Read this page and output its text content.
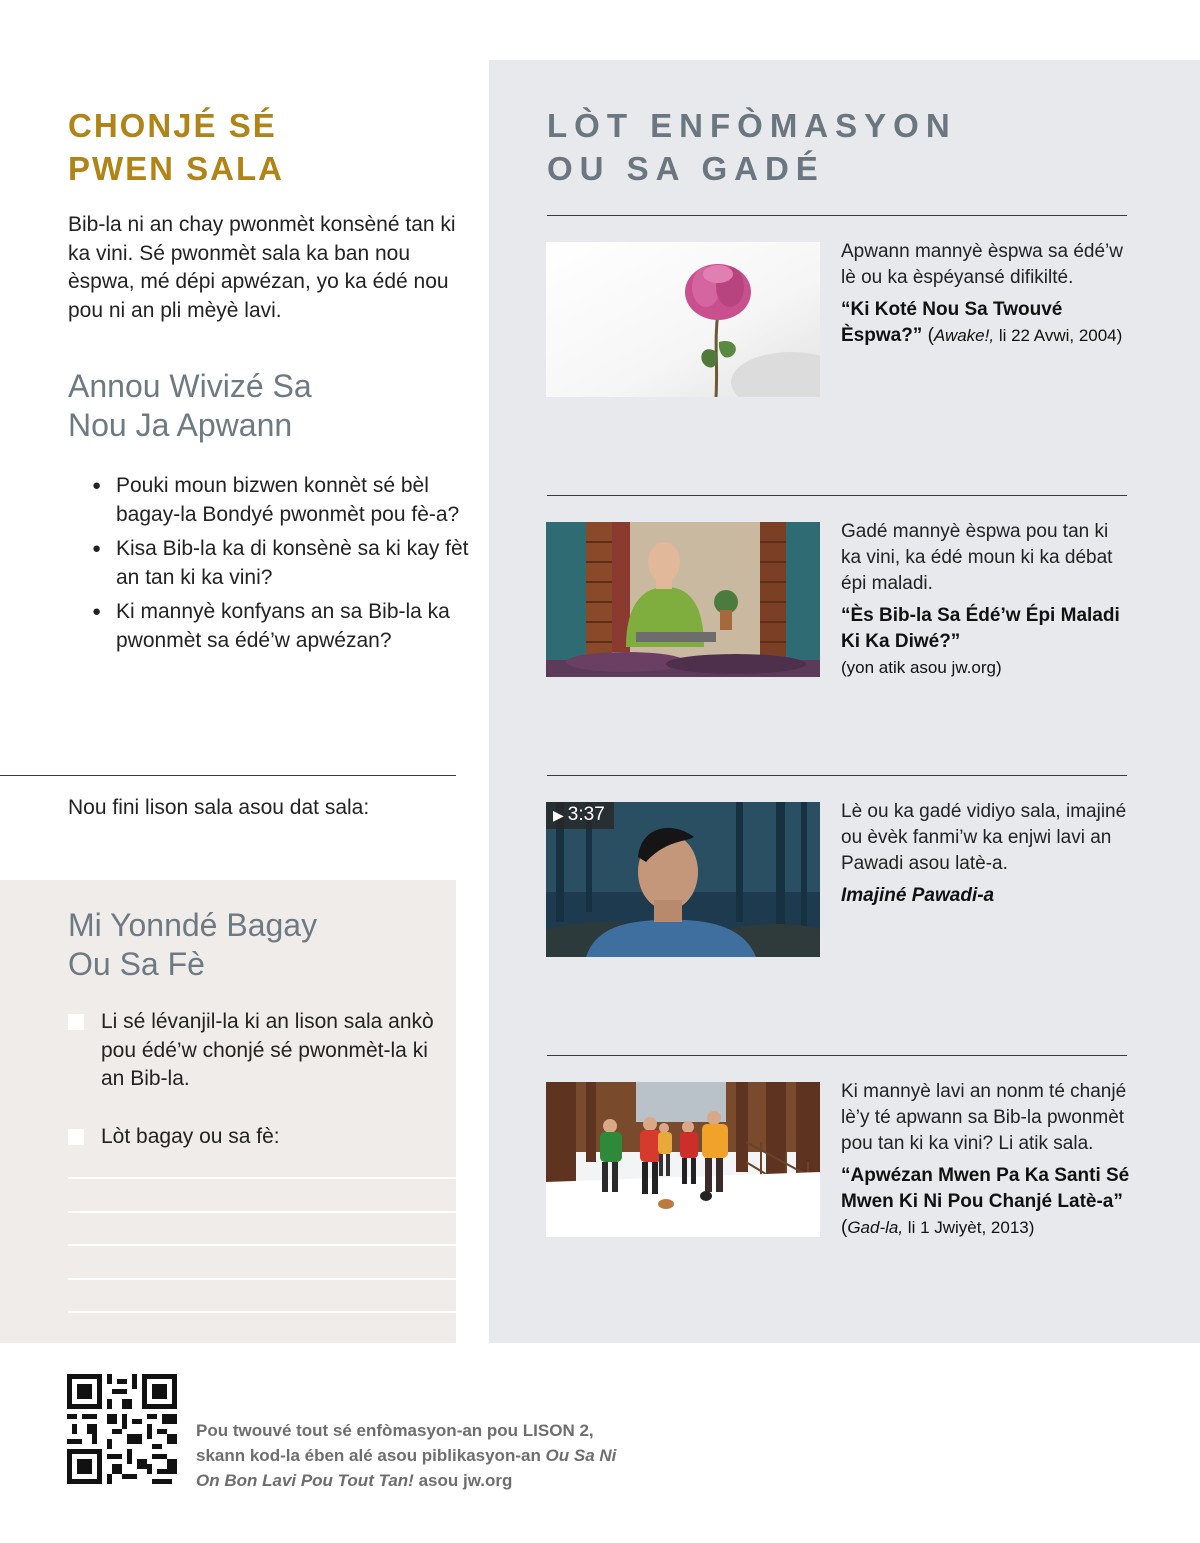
CHONJÉ SÉ
PWEN SALA

Bib-la ni an chay pwonmèt konsèné tan ki ka vini. Sé pwonmèt sala ka ban nou èspwa, mé dépi apwézan, yo ka édé nou pou ni an pli mèyè lavi.

Annou Wivizé Sa
Nou Ja Apwann
● Pouki moun bizwen konnèt sé bèl bagay-la Bondyé pwonmèt pou fè-a?
● Kisa Bib-la ka di konsènè sa ki kay fèt an tan ki ka vini?
● Ki mannyè konfyans an sa Bib-la ka pwonmèt sa édé’w apwézan?

Nou fini lison sala asou dat sala:

Mi Yonndé Bagay
Ou Sa Fè
Li sé lévanjil-la ki an lison sala ankò pou édé’w chonjé sé pwonmèt-la ki an Bib-la.
Lòt bagay ou sa fè:
LÒT ENFÒMASYON
OU SA GADÉ

Apwann mannyè èspwa sa édé’w lè ou ka èspéyansé difikilté.

“Ki Koté Nou Sa Twouvé Èspwa?” (Awake!, li 22 Avwi, 2004)

Gadé mannyè èspwa pou tan ki ka vini, ka édé moun ki ka débat épi maladi.

“Ès Bib-la Sa Édé’w Épi Maladi Ki Ka Diwé?”
(yon atik asou jw.org)

▶ 3:37	Lè ou ka gadé vidiyo sala, imajiné ou èvèk fanmi’w ka enjwi lavi an Pawadi asou latè-a.

Imajiné Pawadi-a

Ki mannyè lavi an nonm té chanjé lè’y té apwann sa Bib-la pwonmèt pou tan ki ka vini? Li atik sala.

“Apwézan Mwen Pa Ka Santi Sé Mwen Ki Ni Pou Chanjé Latè-a” (Gad-la, li 1 Jwiyèt, 2013)

Pou twouvé tout sé enfòmasyon-an pou LISON 2,
skann kod-la ében alé asou piblikasyon-an Ou Sa Ni On Bon Lavi Pou Tout Tan! asou jw.org
